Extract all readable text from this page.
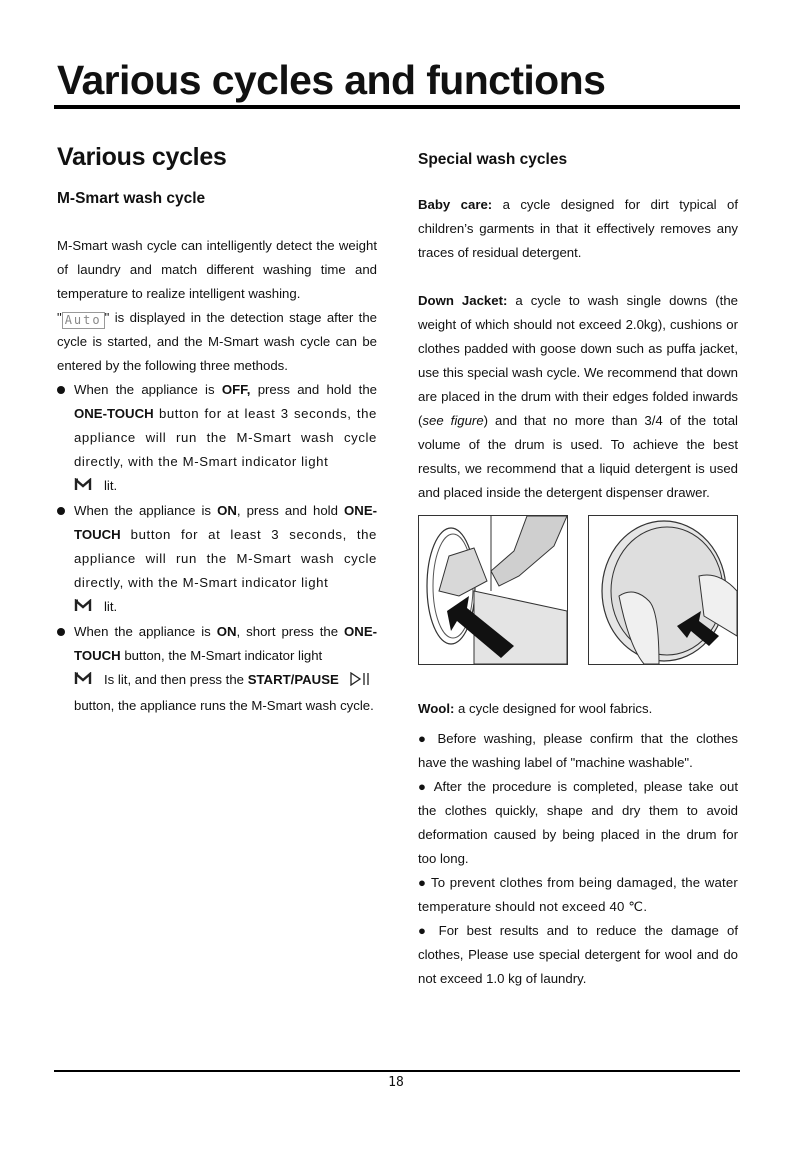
Various cycles and functions
Various cycles
M-Smart wash cycle

M-Smart wash cycle can intelligently detect the weight of laundry and match different washing time and temperature to realize intelligent washing.

" Auto " is displayed in the detection stage after the cycle is started, and the M-Smart wash cycle can be entered by the following three methods.

When the appliance is OFF, press and hold the ONE-TOUCH button for at least 3 seconds, the appliance will run the M-Smart wash cycle directly, with the M-Smart indicator light
lit.
When the appliance is ON, press and hold ONE-TOUCH button for at least 3 seconds, the appliance will run the M-Smart wash cycle directly, with the M-Smart indicator light
lit.
When the appliance is ON, short press the ONE-TOUCH button, the M-Smart indicator light
Is lit, and then press the START/PAUSE
button, the appliance runs the M-Smart wash cycle.
Special wash cycles

Baby care: a cycle designed for dirt typical of children’s garments in that it effectively removes any traces of residual detergent.

Down Jacket: a cycle to wash single downs (the weight of which should not exceed 2.0kg), cushions or clothes padded with goose down such as puffa jacket, use this special wash cycle. We recommend that down are placed in the drum with their edges folded inwards (see figure) and that no more than 3/4 of the total volume of the drum is used. To achieve the best results, we recommend that a liquid detergent is used and placed inside the detergent dispenser drawer.

Wool: a cycle designed for wool fabrics.

● Before washing, please confirm that the clothes have the washing label of "machine washable".

● After the procedure is completed, please take out the clothes quickly, shape and dry them to avoid deformation caused by being placed in the drum for too long.

● To prevent clothes from being damaged, the water temperature should not exceed 40 ℃.

● For best results and to reduce the damage of clothes, Please use special detergent for wool and do not exceed 1.0 kg of laundry.

18
